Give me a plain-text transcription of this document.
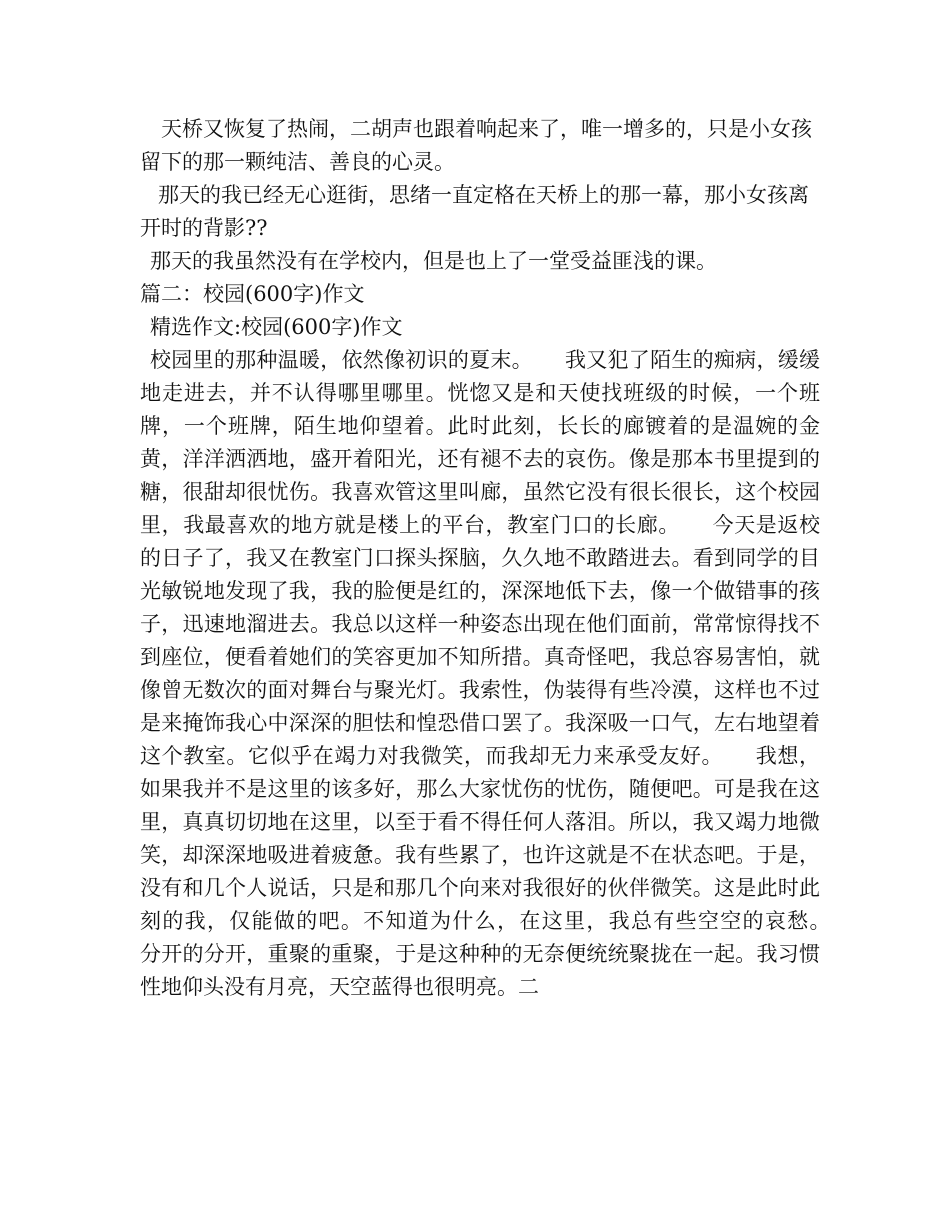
天桥又恢复了热闹，二胡声也跟着响起来了，唯一增多的，只是小女孩留下的那一颗纯洁、善良的心灵。

那天的我已经无心逛街，思绪一直定格在天桥上的那一幕，那小女孩离开时的背影??

那天的我虽然没有在学校内，但是也上了一堂受益匪浅的课。

篇二：校园(600字)作文

精选作文:校园(600字)作文

校园里的那种温暖，依然像初识的夏末。　　我又犯了陌生的痴病，缓缓地走进去，并不认得哪里哪里。恍惚又是和天使找班级的时候，一个班牌，一个班牌，陌生地仰望着。此时此刻，长长的廊镀着的是温婉的金黄，洋洋洒洒地，盛开着阳光，还有褪不去的哀伤。像是那本书里提到的糖，很甜却很忧伤。我喜欢管这里叫廊，虽然它没有很长很长，这个校园里，我最喜欢的地方就是楼上的平台，教室门口的长廊。　　今天是返校的日子了，我又在教室门口探头探脑，久久地不敢踏进去。看到同学的目光敏锐地发现了我，我的脸便是红的，深深地低下去，像一个做错事的孩子，迅速地溜进去。我总以这样一种姿态出现在他们面前，常常惊得找不到座位，便看着她们的笑容更加不知所措。真奇怪吧，我总容易害怕，就像曾无数次的面对舞台与聚光灯。我索性，伪装得有些冷漠，这样也不过是来掩饰我心中深深的胆怯和惶恐借口罢了。我深吸一口气，左右地望着这个教室。它似乎在竭力对我微笑，而我却无力来承受友好。　　我想，如果我并不是这里的该多好，那么大家忧伤的忧伤，随便吧。可是我在这里，真真切切地在这里，以至于看不得任何人落泪。所以，我又竭力地微笑，却深深地吸进着疲惫。我有些累了，也许这就是不在状态吧。于是，没有和几个人说话，只是和那几个向来对我很好的伙伴微笑。这是此时此刻的我，仅能做的吧。不知道为什么，在这里，我总有些空空的哀愁。　　分开的分开，重聚的重聚，于是这种种的无奈便统统聚拢在一起。我习惯性地仰头没有月亮，天空蓝得也很明亮。二
